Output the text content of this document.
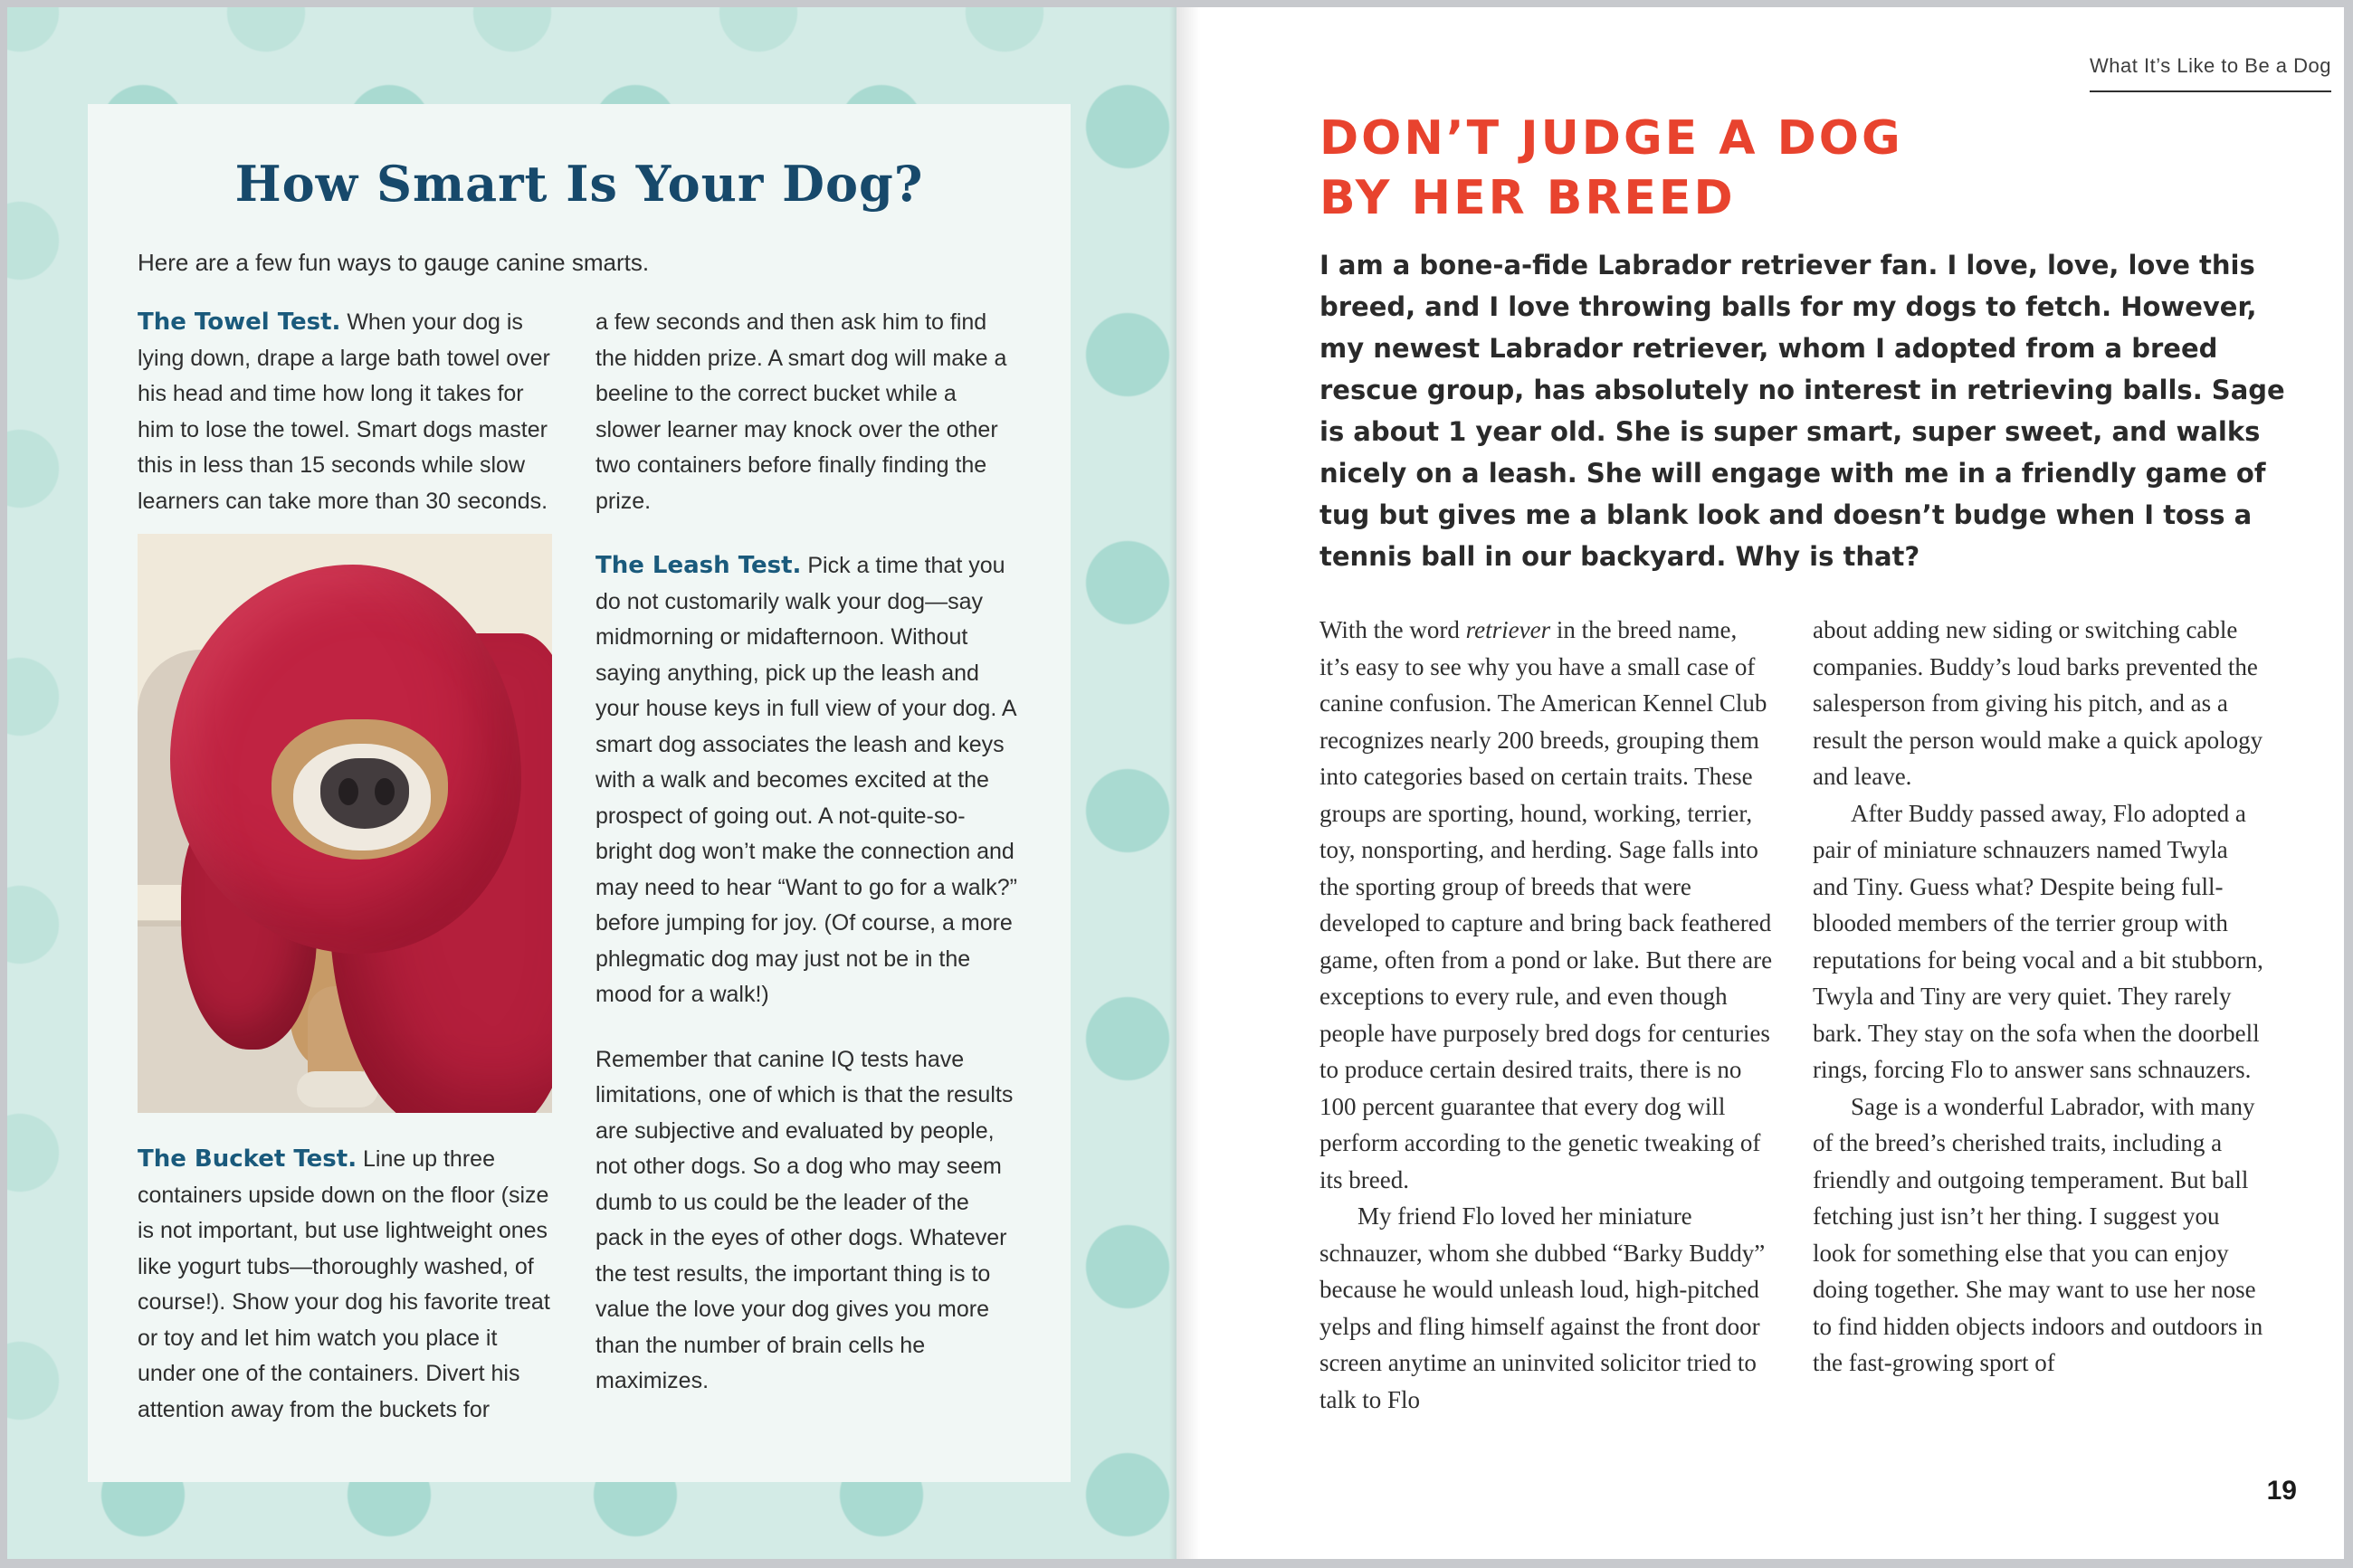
How Smart Is Your Dog?

Here are a few fun ways to gauge canine smarts.

The Towel Test. When your dog is lying down, drape a large bath towel over his head and time how long it takes for him to lose the towel. Smart dogs master this in less than 15 seconds while slow learners can take more than 30 seconds.

The Bucket Test. Line up three containers upside down on the floor (size is not important, but use lightweight ones like yogurt tubs—thoroughly washed, of course!). Show your dog his favorite treat or toy and let him watch you place it under one of the containers. Divert his attention away from the buckets for

a few seconds and then ask him to find the hidden prize. A smart dog will make a beeline to the correct bucket while a slower learner may knock over the other two containers before finally finding the prize.

The Leash Test. Pick a time that you do not customarily walk your dog—say midmorning or midafternoon. Without saying anything, pick up the leash and your house keys in full view of your dog. A smart dog associates the leash and keys with a walk and becomes excited at the prospect of going out. A not-quite-so-bright dog won’t make the connection and may need to hear “Want to go for a walk?” before jumping for joy. (Of course, a more phlegmatic dog may just not be in the mood for a walk!)

Remember that canine IQ tests have limitations, one of which is that the results are subjective and evaluated by people, not other dogs. So a dog who may seem dumb to us could be the leader of the pack in the eyes of other dogs. Whatever the test results, the important thing is to value the love your dog gives you more than the number of brain cells he maximizes.

What It’s Like to Be a Dog
DON’T JUDGE A DOG
BY HER BREED

I am a bone-a-fide Labrador retriever fan. I love, love, love this breed, and I love throwing balls for my dogs to fetch. However, my newest Labrador retriever, whom I adopted from a breed rescue group, has absolutely no interest in retrieving balls. Sage is about 1 year old. She is super smart, super sweet, and walks nicely on a leash. She will engage with me in a friendly game of tug but gives me a blank look and doesn’t budge when I toss a tennis ball in our backyard. Why is that?

With the word retriever in the breed name, it’s easy to see why you have a small case of canine confusion. The American Kennel Club recognizes nearly 200 breeds, grouping them into categories based on certain traits. These groups are sporting, hound, working, terrier, toy, nonsporting, and herding. Sage falls into the sporting group of breeds that were developed to capture and bring back feathered game, often from a pond or lake. But there are exceptions to every rule, and even though people have purposely bred dogs for centuries to produce certain desired traits, there is no 100 percent guarantee that every dog will perform according to the genetic tweaking of its breed.

My friend Flo loved her miniature schnauzer, whom she dubbed “Barky Buddy” because he would unleash loud, high-pitched yelps and fling himself against the front door screen anytime an uninvited solicitor tried to talk to Flo

about adding new siding or switching cable companies. Buddy’s loud barks prevented the salesperson from giving his pitch, and as a result the person would make a quick apology and leave.

After Buddy passed away, Flo adopted a pair of miniature schnauzers named Twyla and Tiny. Guess what? Despite being full-blooded members of the terrier group with reputations for being vocal and a bit stubborn, Twyla and Tiny are very quiet. They rarely bark. They stay on the sofa when the doorbell rings, forcing Flo to answer sans schnauzers.

Sage is a wonderful Labrador, with many of the breed’s cherished traits, including a friendly and outgoing temperament. But ball fetching just isn’t her thing. I suggest you look for something else that you can enjoy doing together. She may want to use her nose to find hidden objects indoors and outdoors in the fast-growing sport of

19
